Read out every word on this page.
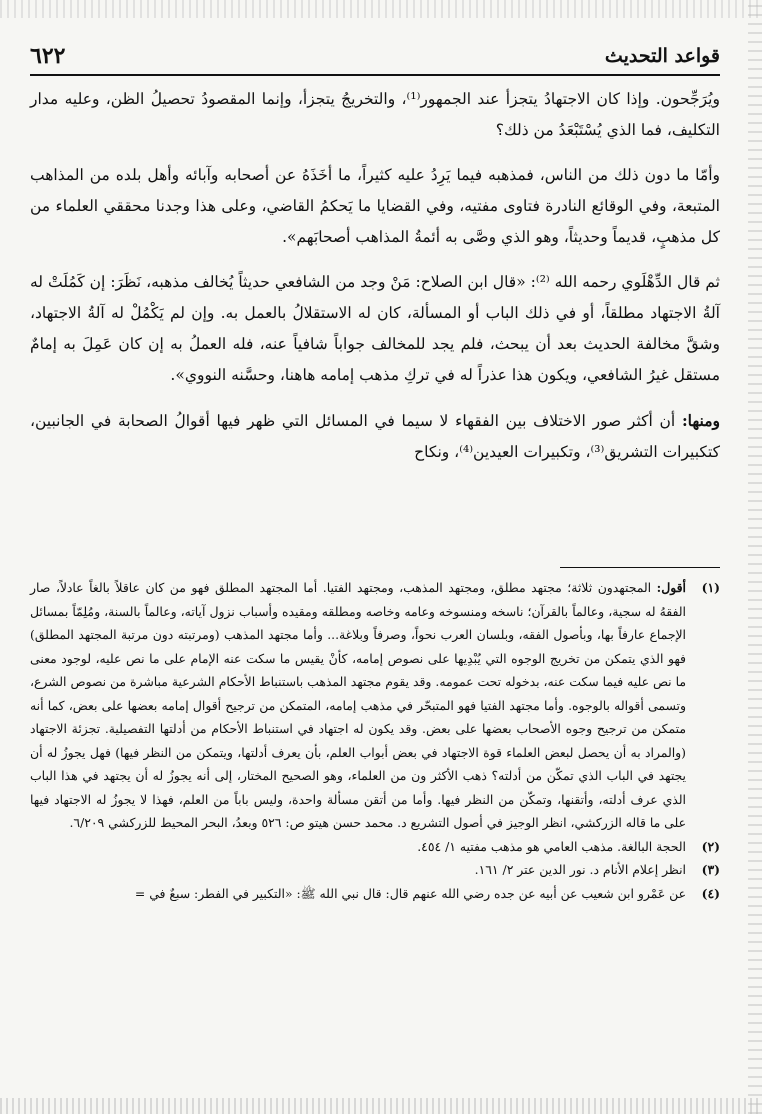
قواعد التحديث
٦٢٢

ويُرَجِّحون. وإذا كان الاجتهادُ يتجزأ عند الجمهور⁽¹⁾، والتخريجُ يتجزأ، وإنما المقصودُ تحصيلُ الظن، وعليه مدار التكليف، فما الذي يُسْتَبْعَدُ من ذلك؟

وأمّا ما دون ذلك من الناس، فمذهبه فيما يَرِدُ عليه كثيراً، ما أخَذَهُ عن أصحابه وآبائه وأهل بلده من المذاهب المتبعة، وفي الوقائع النادرة فتاوى مفتيه، وفي القضايا ما يَحكمُ القاضي، وعلى هذا وجدنا محققي العلماء من كل مذهبٍ، قديماً وحديثاً، وهو الذي وصَّى به أئمةُ المذاهب أصحابَهم».

ثم قال الدِّهْلَوي رحمه الله ⁽²⁾: «قال ابن الصلاح: مَنْ وجد من الشافعي حديثاً يُخالف مذهبه، نَظَرَ: إن كَمُلَتْ له آلةُ الاجتهاد مطلقاً، أو في ذلك الباب أو المسألة، كان له الاستقلالُ بالعمل به. وإن لم يَكْمُلْ له آلةُ الاجتهاد، وشقَّ مخالفة الحديث بعد أن يبحث، فلم يجد للمخالف جواباً شافياً عنه، فله العملُ به إن كان عَمِلَ به إمامٌ مستقل غيرُ الشافعي، ويكون هذا عذراً له في تركِ مذهب إمامه هاهنا، وحسَّنه النووي».

ومنها: أن أكثر صور الاختلاف بين الفقهاء لا سيما في المسائل التي ظهر فيها أقوالُ الصحابة في الجانبين، كتكبيرات التشريق⁽³⁾، وتكبيرات العيدين⁽⁴⁾، ونكاح

(١)
أقول: المجتهدون ثلاثة؛ مجتهد مطلق، ومجتهد المذهب، ومجتهد الفتيا. أما المجتهد المطلق فهو من كان عاقلاً بالغاً عادلاً، صار الفقهُ له سجية، وعالماً بالقرآن؛ ناسخه ومنسوخه وعامه وخاصه ومطلقه ومقيده وأسباب نزول آياته، وعالماً بالسنة، ومُلِمّاً بمسائل الإجماع عارفاً بها، وبأصول الفقه، وبلسان العرب نحواً، وصرفاً وبلاغة... وأما مجتهد المذهب (ومرتبته دون مرتبة المجتهد المطلق) فهو الذي يتمكن من تخريج الوجوه التي يُبْدِيها على نصوص إمامه، كأنْ يقيس ما سكت عنه الإمام على ما نص عليه، لوجود معنى ما نص عليه فيما سكت عنه، بدخوله تحت عمومه. وقد يقوم مجتهد المذهب باستنباط الأحكام الشرعية مباشرة من نصوص الشرع، وتسمى أقواله بالوجوه. وأما مجتهد الفتيا فهو المتبحّر في مذهب إمامه، المتمكن من ترجيح أقوال إمامه بعضها على بعض، كما أنه متمكن من ترجيح وجوه الأصحاب بعضها على بعض. وقد يكون له اجتهاد في استنباط الأحكام من أدلتها التفصيلية. تجزئة الاجتهاد (والمراد به أن يحصل لبعض العلماء قوة الاجتهاد في بعض أبواب العلم، بأن يعرف أدلتها، ويتمكن من النظر فيها) فهل يجوزُ له أن يجتهد في الباب الذي تمكّن من أدلته؟ ذهب الأكثر ون من العلماء، وهو الصحيح المختار، إلى أنه يجوزُ له أن يجتهد في هذا الباب الذي عرف أدلته، وأتقنها، وتمكّن من النظر فيها. وأما من أتقن مسألة واحدة، وليس باباً من العلم، فهذا لا يجوزُ له الاجتهاد فيها على ما قاله الزركشي، انظر الوجيز في أصول التشريع د. محمد حسن هيتو ص: ٥٢٦ وبعدُ، البحر المحيط للزركشي ٦/٢٠٩.
(٢)
الحجة البالغة. مذهب العامي هو مذهب مفتيه ١/ ٤٥٤.
(٣)
انظر إعلام الأنام د. نور الدين عتر ٢/ ١٦١.
(٤)
عن عَمْرو ابن شعيب عن أبيه عن جده رضي الله عنهم قال: قال نبي الله ﷺ: «التكبير في الفطر: سبعٌ في =
